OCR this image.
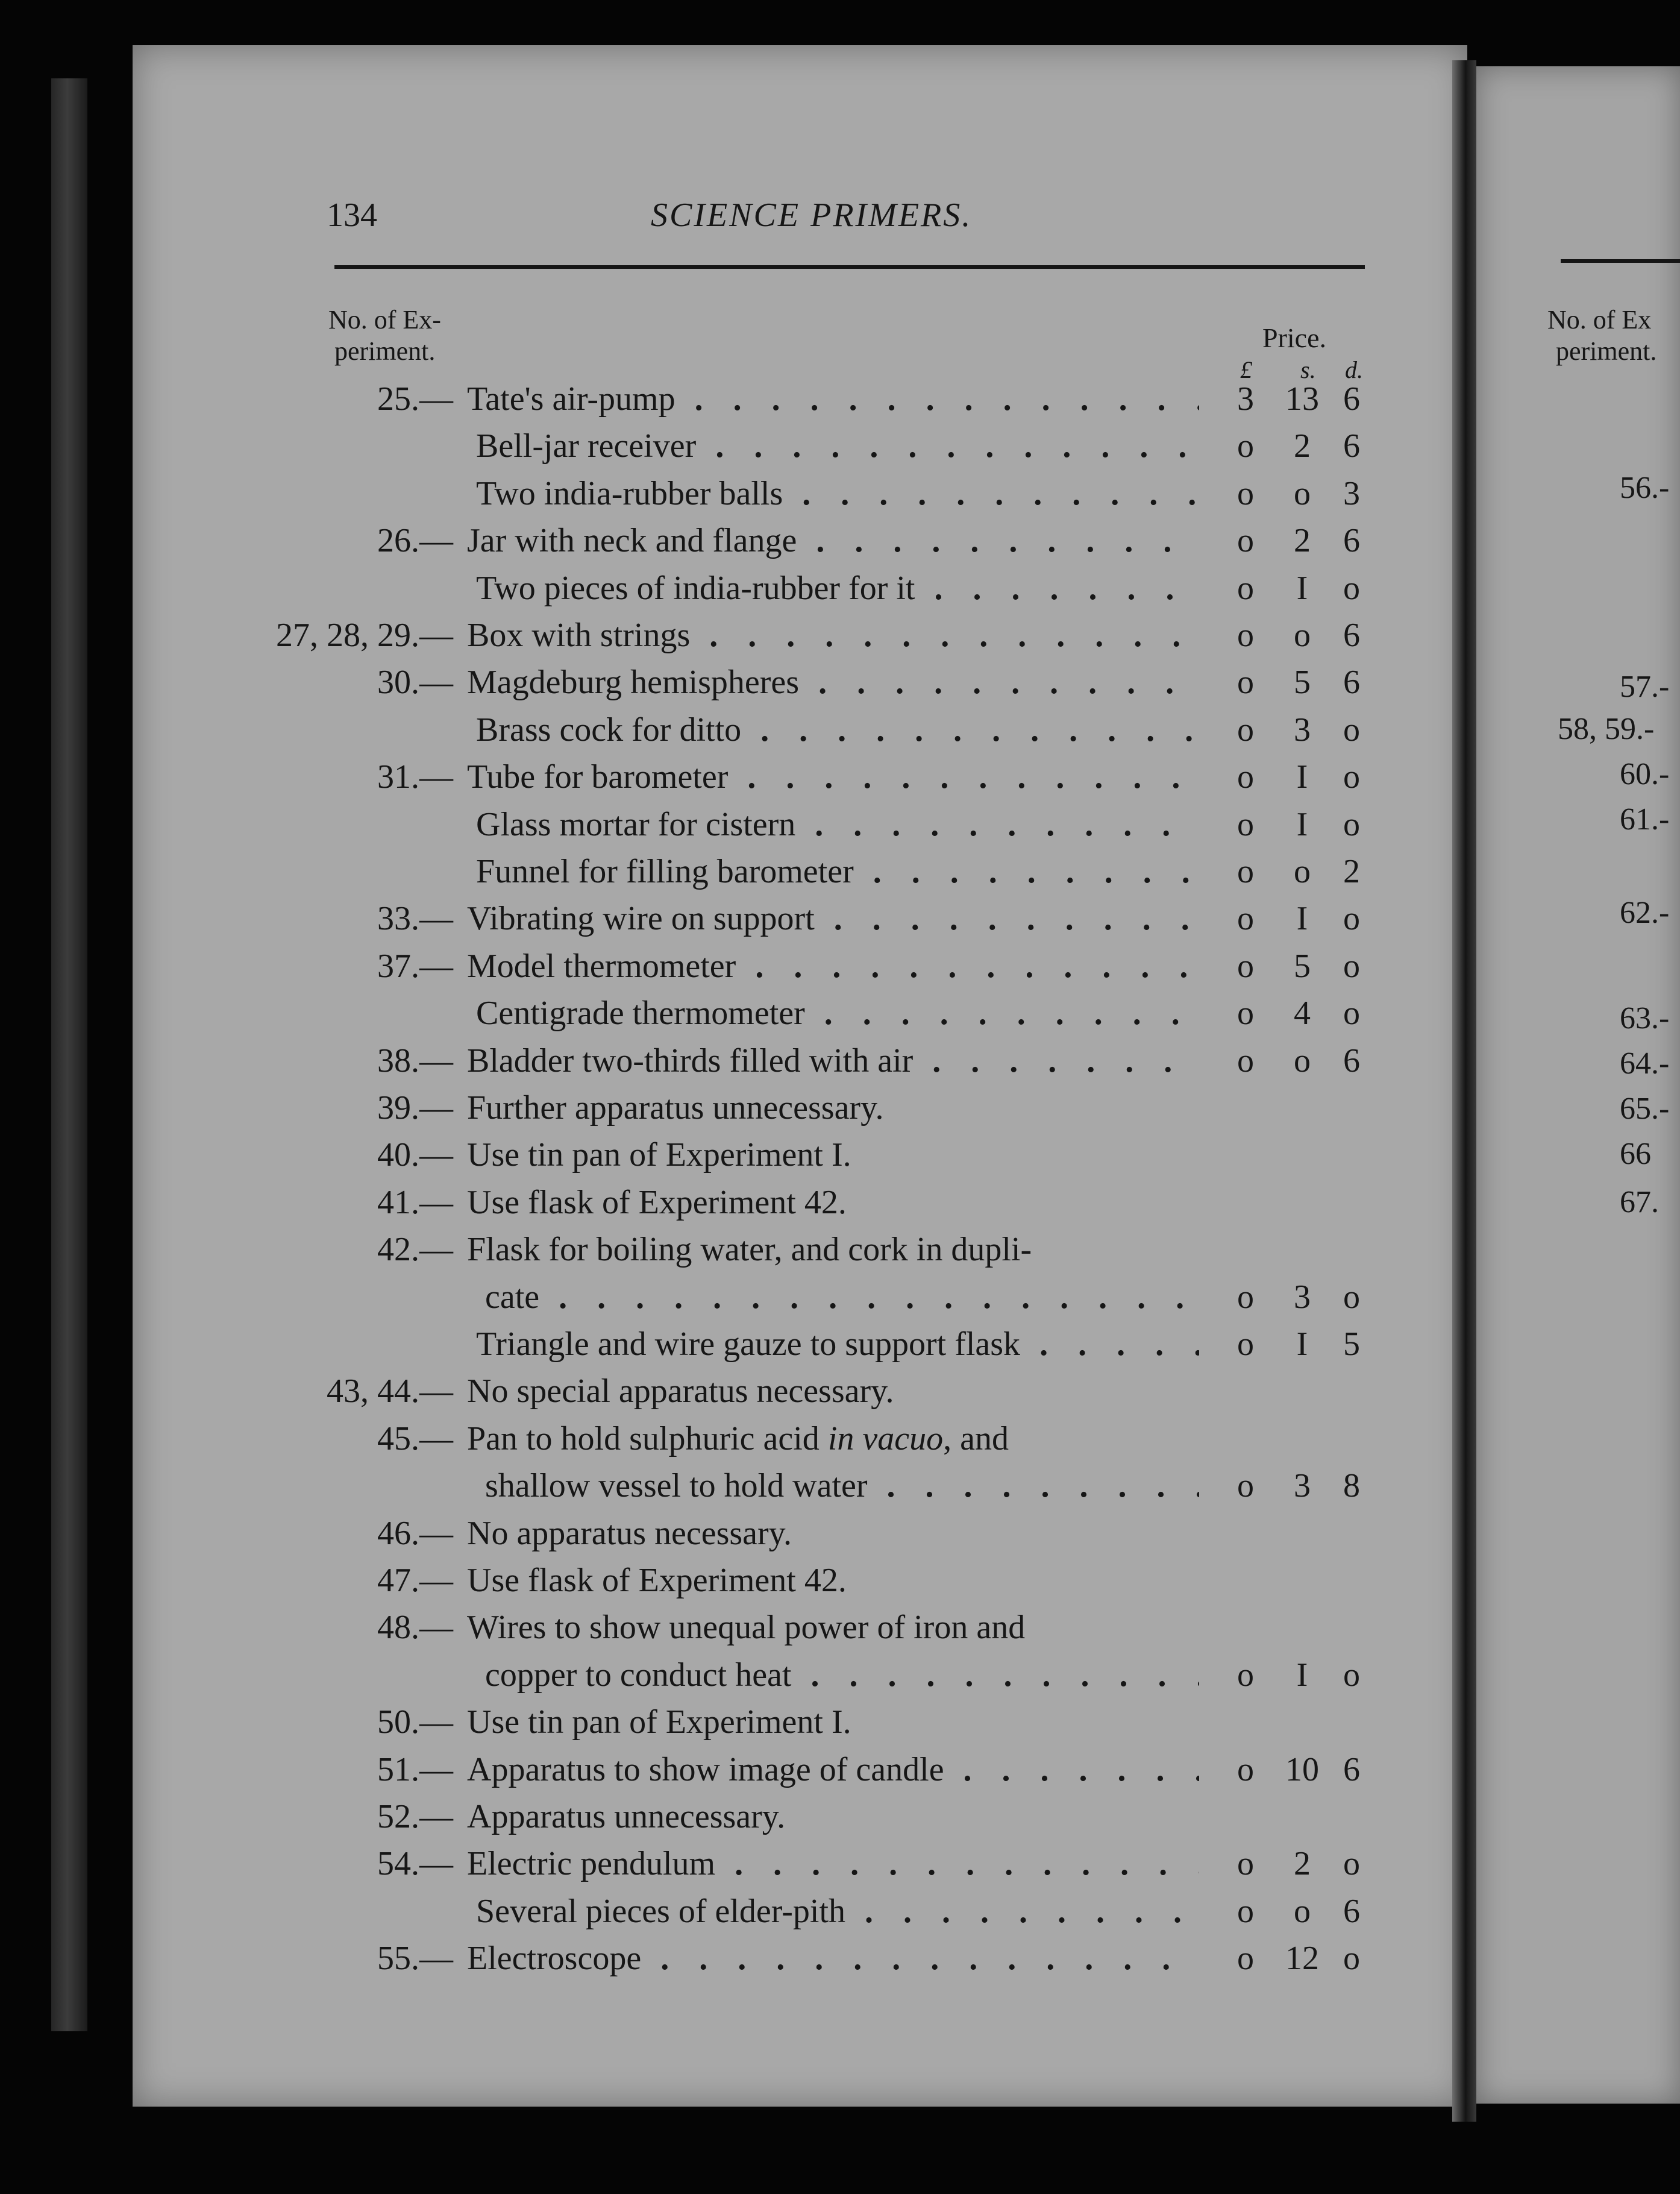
134	SCIENCE PRIMERS.
No. of Ex-
periment.	Price.
£ s. d.
25.— Tate's air-pump . . .	3 13 6
Bell-jar receiver . . .	o	2 6
Two india-rubber balls . . .	o	o 3
26.— Jar with neck and flange . . .	o	2 6
Two pieces of india-rubber for it . . .	o	I	o
27, 28, 29.— Box with strings . . .	o	o 6
30.— Magdeburg hemispheres . . .	o	5 6
Brass cock for ditto . . .	o	3 o
31.— Tube for barometer . . .	o	I	o
Glass mortar for cistern . . .	o	I	o
Funnel for filling barometer . . .	o	o 2
33.— Vibrating wire on support . . .	o	I	o
37.— Model thermometer . . .	o	5 o
Centigrade thermometer . . .	o	4 o
38.— Bladder two-thirds filled with air . . .	o	o 6
39.— Further apparatus unnecessary.
40.— Use tin pan of Experiment I.
41.— Use flask of Experiment 42.
42.— Flask for boiling water, and cork in dupli-
cate . . .	o	3 o
Triangle and wire gauze to support flask . . .	o	I	5
43, 44.— No special apparatus necessary.
45.— Pan to hold sulphuric acid in vacuo, and
shallow vessel to hold water . . .	o	3 8
46.— No apparatus necessary.
47.— Use flask of Experiment 42.
48.— Wires to show unequal power of iron and
copper to conduct heat . . .	o	I	o
50.— Use tin pan of Experiment I.
51.— Apparatus to show image of candle . . .	o 10 6
52.— Apparatus unnecessary.
54.— Electric pendulum . . .	o	2 o
Several pieces of elder-pith . . .	o	o 6
55.— Electroscope . . .	o 12 o
No. of Ex
periment.
56.-
57.-
58, 59.-
60.-
61.-
62.-
63.-
64.-
65.-
66
67.
